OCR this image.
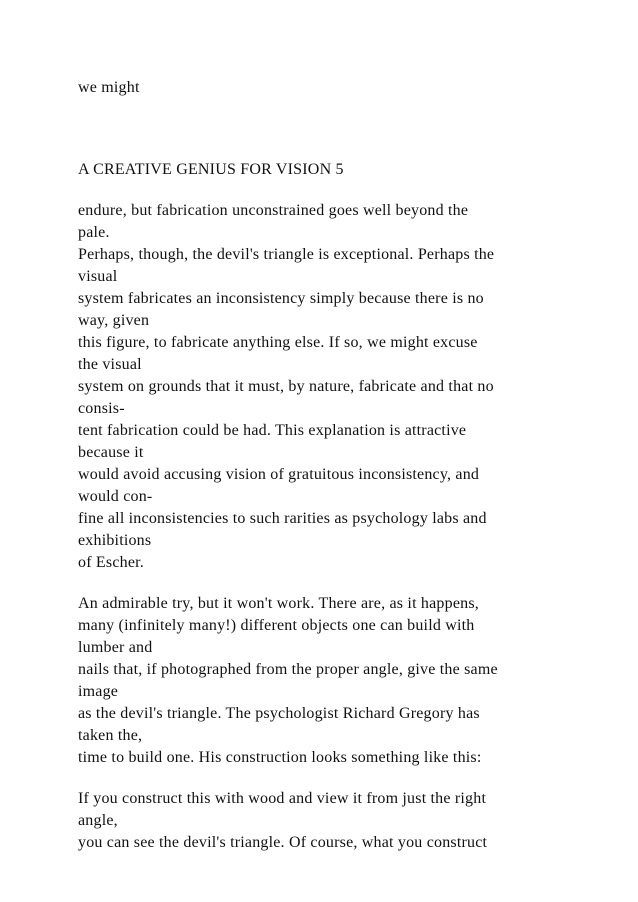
we might
A CREATIVE GENIUS FOR VISION 5
endure, but fabrication unconstrained goes well beyond the
pale.
Perhaps, though, the devil's triangle is exceptional. Perhaps the
visual
system fabricates an inconsistency simply because there is no
way, given
this figure, to fabricate anything else. If so, we might excuse
the visual
system on grounds that it must, by nature, fabricate and that no
consis-
tent fabrication could be had. This explanation is attractive
because it
would avoid accusing vision of gratuitous inconsistency, and
would con-
fine all inconsistencies to such rarities as psychology labs and
exhibitions
of Escher.
An admirable try, but it won't work. There are, as it happens,
many (infinitely many!) different objects one can build with
lumber and
nails that, if photographed from the proper angle, give the same
image
as the devil's triangle. The psychologist Richard Gregory has
taken the,
time to build one. His construction looks something like this:
If you construct this with wood and view it from just the right
angle,
you can see the devil's triangle. Of course, what you construct
